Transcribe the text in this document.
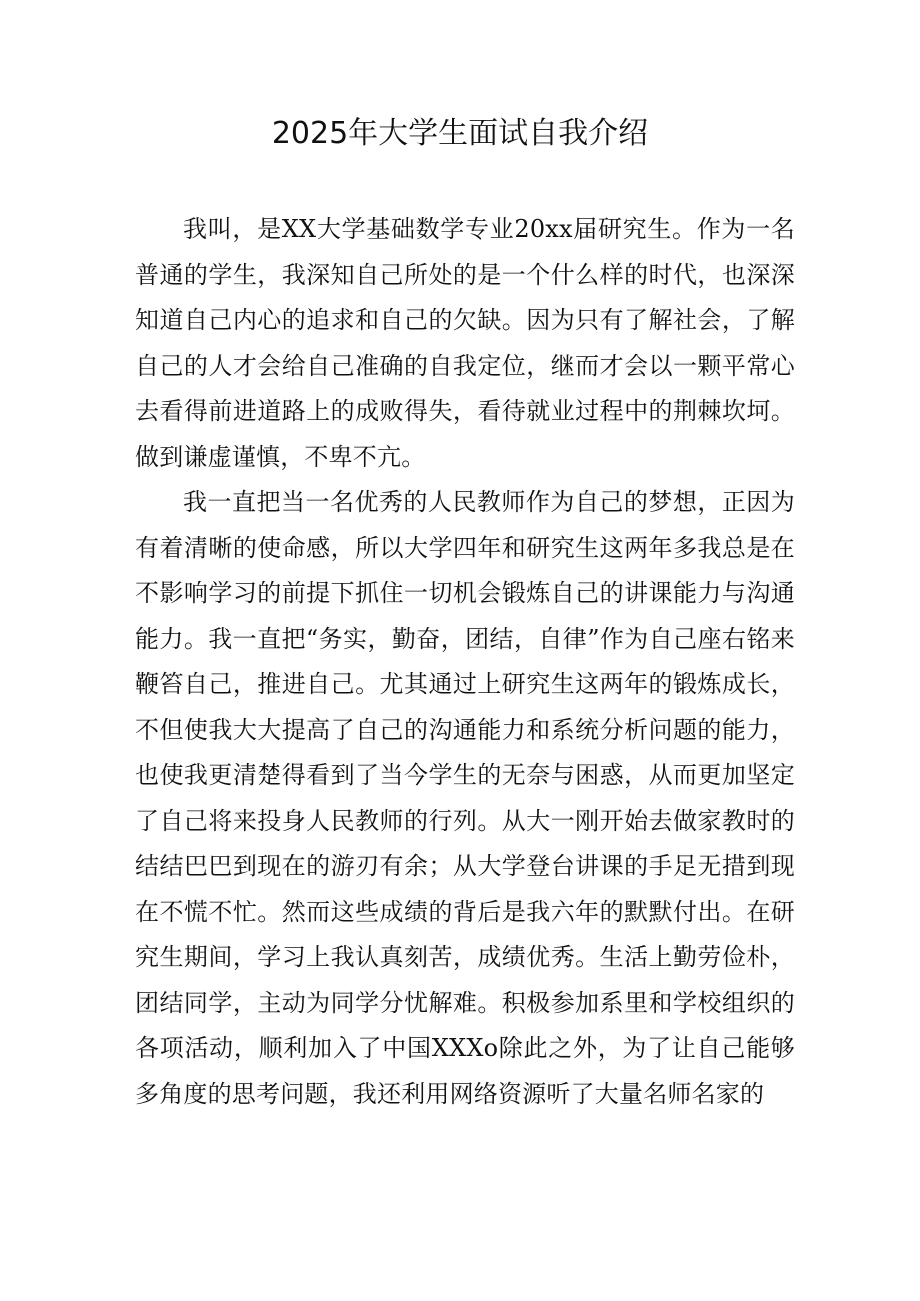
2025年大学生面试自我介绍

我叫，是XX大学基础数学专业20xx届研究生。作为一名普通的学生，我深知自己所处的是一个什么样的时代，也深深知道自己内心的追求和自己的欠缺。因为只有了解社会，了解自己的人才会给自己准确的自我定位，继而才会以一颗平常心去看得前进道路上的成败得失，看待就业过程中的荆棘坎坷。做到谦虚谨慎，不卑不亢。

我一直把当一名优秀的人民教师作为自己的梦想，正因为有着清晰的使命感，所以大学四年和研究生这两年多我总是在不影响学习的前提下抓住一切机会锻炼自己的讲课能力与沟通能力。我一直把“务实，勤奋，团结，自律”作为自己座右铭来鞭笞自己，推进自己。尤其通过上研究生这两年的锻炼成长，不但使我大大提高了自己的沟通能力和系统分析问题的能力，也使我更清楚得看到了当今学生的无奈与困惑，从而更加坚定了自己将来投身人民教师的行列。从大一刚开始去做家教时的结结巴巴到现在的游刃有余；从大学登台讲课的手足无措到现在不慌不忙。然而这些成绩的背后是我六年的默默付出。在研究生期间，学习上我认真刻苦，成绩优秀。生活上勤劳俭朴，团结同学，主动为同学分忧解难。积极参加系里和学校组织的各项活动，顺利加入了中国XXXo除此之外，为了让自己能够多角度的思考问题，我还利用网络资源听了大量名师名家的
